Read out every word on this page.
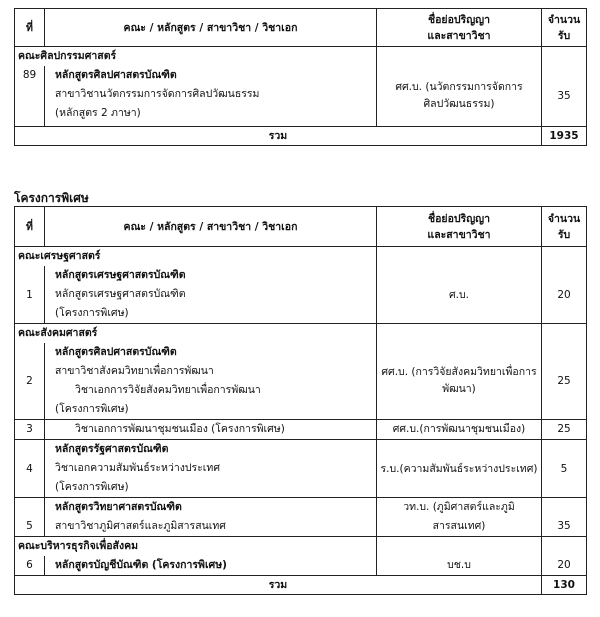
ที่	คณะ / หลักสูตร / สาขาวิชา / วิชาเอก	ชื่อย่อปริญญา
และสาขาวิชา	จำนวน
รับ

คณะศิลปกรรมศาสตร์			

89	หลักสูตรศิลปศาสตรบัณฑิต
สาขาวิชานวัตกรรมการจัดการศิลปวัฒนธรรม
(หลักสูตร 2 ภาษา)	ศศ.บ. (นวัตกรรมการจัดการ
ศิลปวัฒนธรรม)	35
รวม			1935
โครงการพิเศษ
ที่	คณะ / หลักสูตร / สาขาวิชา / วิชาเอก	ชื่อย่อปริญญา
และสาขาวิชา	จำนวน
รับ

คณะเศรษฐศาสตร์			

1	หลักสูตรเศรษฐศาสตรบัณฑิต
หลักสูตรเศรษฐศาสตรบัณฑิต
(โครงการพิเศษ)	ศ.บ.	20

คณะสังคมศาสตร์			

2	หลักสูตรศิลปศาสตรบัณฑิต
สาขาวิชาสังคมวิทยาเพื่อการพัฒนา
วิชาเอกการวิจัยสังคมวิทยาเพื่อการพัฒนา
(โครงการพิเศษ)	ศศ.บ. (การวิจัยสังคมวิทยาเพื่อการ
พัฒนา)	25
3	วิชาเอกการพัฒนาชุมชนเมือง (โครงการพิเศษ)	ศศ.บ.(การพัฒนาชุมชนเมือง)	25
4	หลักสูตรรัฐศาสตรบัณฑิต
วิชาเอกความสัมพันธ์ระหว่างประเทศ
(โครงการพิเศษ)	ร.บ.(ความสัมพันธ์ระหว่างประเทศ)	5
5	หลักสูตรวิทยาศาสตรบัณฑิต
สาขาวิชาภูมิศาสตร์และภูมิสารสนเทศ	วท.บ. (ภูมิศาสตร์และภูมิสารสนเทศ)	35

คณะบริหารธุรกิจเพื่อสังคม			

6	หลักสูตรบัญชีบัณฑิต (โครงการพิเศษ)	บช.บ	20
รวม			130
